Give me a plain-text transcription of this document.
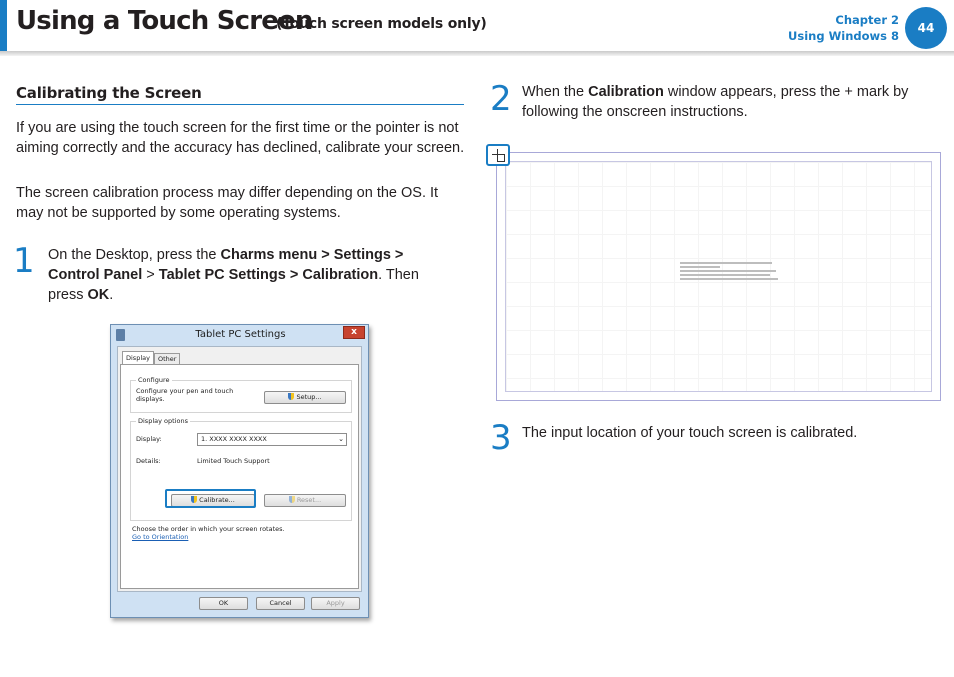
Using a Touch Screen
(Touch screen models only)	Chapter 2
Using Windows 8
44
Calibrating the Screen

If you are using the touch screen for the first time or the pointer is not aiming correctly and the accuracy has declined, calibrate your screen.

The screen calibration process may differ depending on the OS. It may not be supported by some operating systems.

1 On the Desktop, press the Charms menu > Settings > Control Panel > Tablet PC Settings > Calibration. Then press OK.
Tablet PC Settings	x
Display	Other
Configure
Configure your pen and touch displays.	Setup...
Display options
Display:	1. XXXX XXXX XXXX	⌄
Details:	Limited Touch Support
Calibrate...	Reset...
Choose the order in which your screen rotates.
Go to Orientation
OK	Cancel	Apply
2 When the Calibration window appears, press the + mark by following the onscreen instructions.
3 The input location of your touch screen is calibrated.
